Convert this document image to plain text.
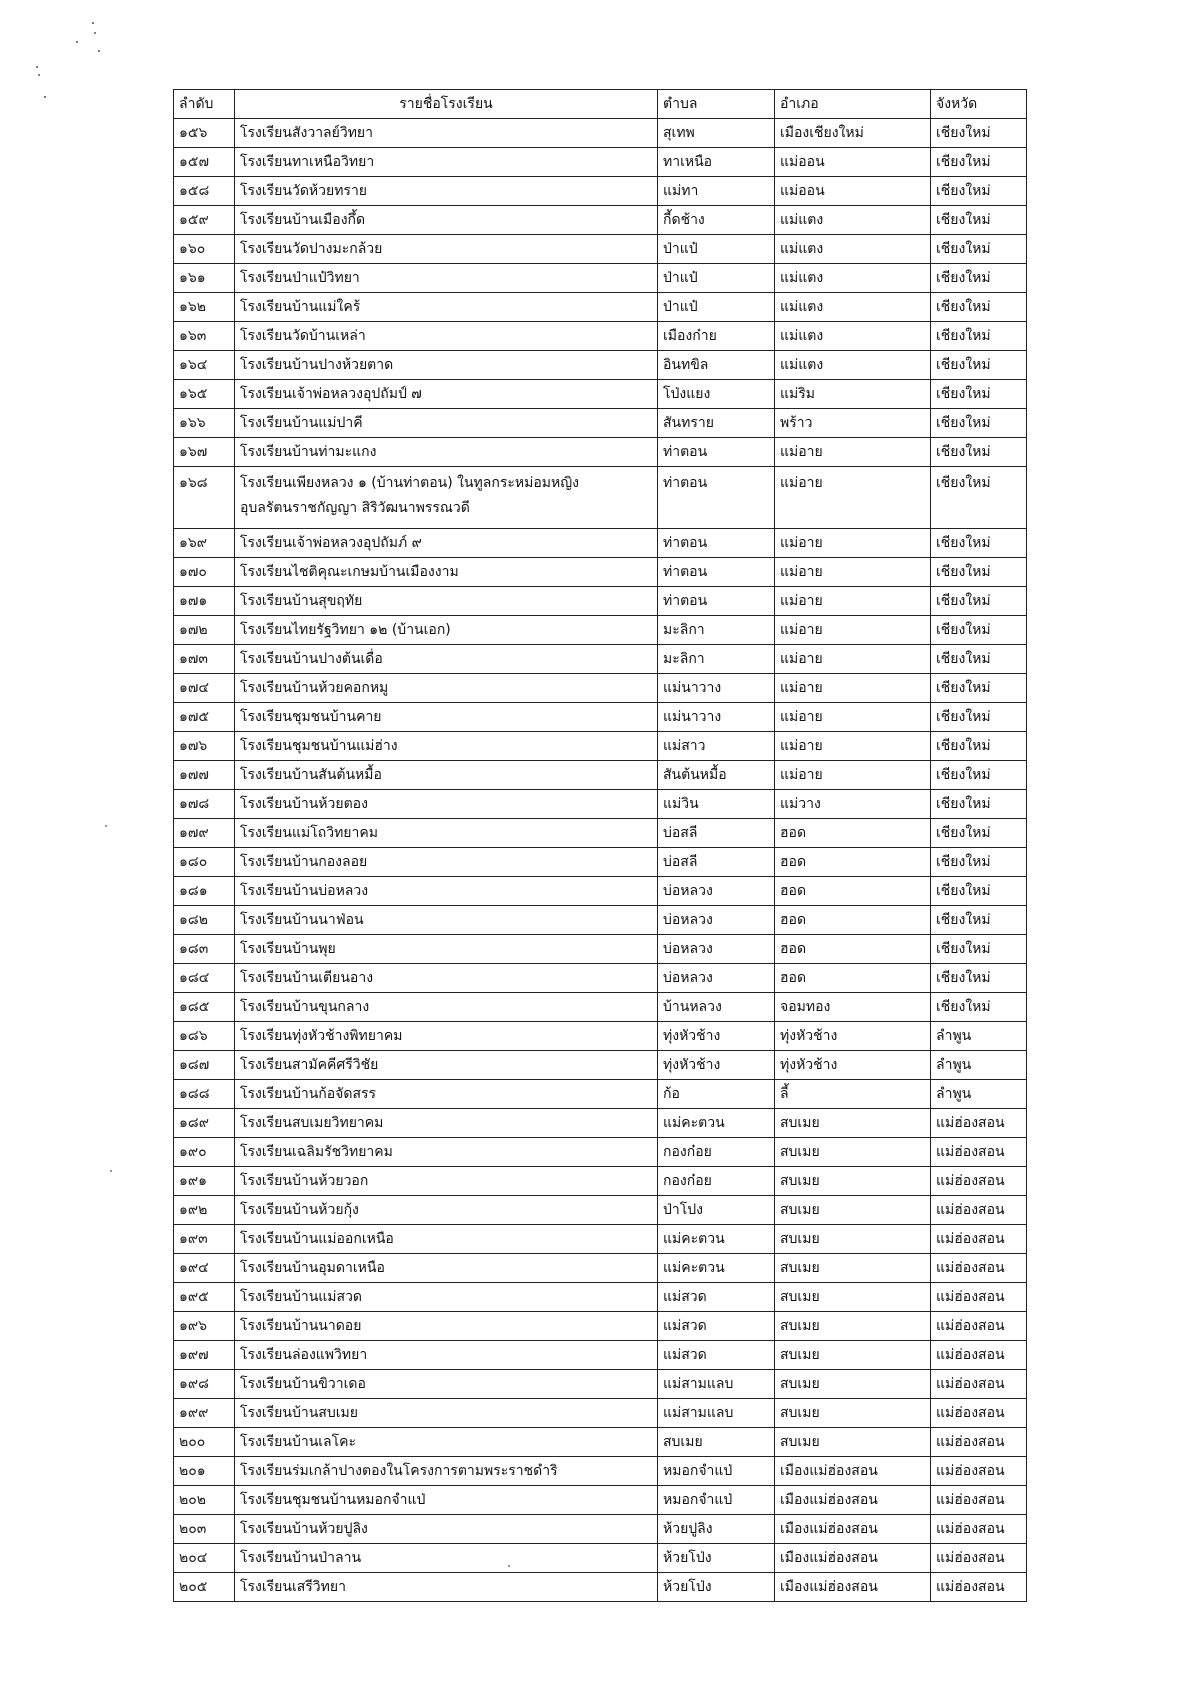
ลำดับ	รายชื่อโรงเรียน	ตำบล	อำเภอ	จังหวัด
๑๕๖	โรงเรียนสังวาลย์วิทยา	สุเทพ	เมืองเชียงใหม่	เชียงใหม่
๑๕๗	โรงเรียนทาเหนือวิทยา	ทาเหนือ	แม่ออน	เชียงใหม่
๑๕๘	โรงเรียนวัดห้วยทราย	แม่ทา	แม่ออน	เชียงใหม่
๑๕๙	โรงเรียนบ้านเมืองกึ้ด	กี้ดช้าง	แม่แตง	เชียงใหม่
๑๖๐	โรงเรียนวัดปางมะกล้วย	ป่าแป๋	แม่แตง	เชียงใหม่
๑๖๑	โรงเรียนป่าแป๋วิทยา	ป่าแป๋	แม่แตง	เชียงใหม่
๑๖๒	โรงเรียนบ้านแม่ใคร้	ป่าแป๋	แม่แตง	เชียงใหม่
๑๖๓	โรงเรียนวัดบ้านเหล่า	เมืองก๋าย	แม่แตง	เชียงใหม่
๑๖๔	โรงเรียนบ้านปางห้วยตาด	อินทขิล	แม่แตง	เชียงใหม่
๑๖๕	โรงเรียนเจ้าพ่อหลวงอุปถัมป์ ๗	โป่งแยง	แม่ริม	เชียงใหม่
๑๖๖	โรงเรียนบ้านแม่ปาคี	สันทราย	พร้าว	เชียงใหม่
๑๖๗	โรงเรียนบ้านท่ามะแกง	ท่าตอน	แม่อาย	เชียงใหม่
๑๖๘	โรงเรียนเพียงหลวง ๑ (บ้านท่าตอน) ในทูลกระหม่อมหญิง
อุบลรัตนราชกัญญา สิริวัฒนาพรรณวดี	ท่าตอน	แม่อาย	เชียงใหม่
๑๖๙	โรงเรียนเจ้าพ่อหลวงอุปถัมภ์ ๙	ท่าตอน	แม่อาย	เชียงใหม่
๑๗๐	โรงเรียนไชติคุณะเกษมบ้านเมืองงาม	ท่าตอน	แม่อาย	เชียงใหม่
๑๗๑	โรงเรียนบ้านสุขฤทัย	ท่าตอน	แม่อาย	เชียงใหม่
๑๗๒	โรงเรียนไทยรัฐวิทยา ๑๒ (บ้านเอก)	มะลิกา	แม่อาย	เชียงใหม่
๑๗๓	โรงเรียนบ้านปางต้นเดื่อ	มะลิกา	แม่อาย	เชียงใหม่
๑๗๔	โรงเรียนบ้านห้วยคอกหมู	แม่นาวาง	แม่อาย	เชียงใหม่
๑๗๕	โรงเรียนชุมชนบ้านคาย	แม่นาวาง	แม่อาย	เชียงใหม่
๑๗๖	โรงเรียนชุมชนบ้านแม่ฮ่าง	แม่สาว	แม่อาย	เชียงใหม่
๑๗๗	โรงเรียนบ้านสันต้นหมื้อ	สันต้นหมื้อ	แม่อาย	เชียงใหม่
๑๗๘	โรงเรียนบ้านห้วยตอง	แม่วิน	แม่วาง	เชียงใหม่
๑๗๙	โรงเรียนแม่โถวิทยาคม	บ่อสลี	ฮอด	เชียงใหม่
๑๘๐	โรงเรียนบ้านกองลอย	บ่อสลี	ฮอด	เชียงใหม่
๑๘๑	โรงเรียนบ้านบ่อหลวง	บ่อหลวง	ฮอด	เชียงใหม่
๑๘๒	โรงเรียนบ้านนาฟ่อน	บ่อหลวง	ฮอด	เชียงใหม่
๑๘๓	โรงเรียนบ้านพุย	บ่อหลวง	ฮอด	เชียงใหม่
๑๘๔	โรงเรียนบ้านเตียนอาง	บ่อหลวง	ฮอด	เชียงใหม่
๑๘๕	โรงเรียนบ้านขุนกลาง	บ้านหลวง	จอมทอง	เชียงใหม่
๑๘๖	โรงเรียนทุ่งหัวช้างพิทยาคม	ทุ่งหัวช้าง	ทุ่งหัวช้าง	ลำพูน
๑๘๗	โรงเรียนสามัคคีศรีวิชัย	ทุ่งหัวช้าง	ทุ่งหัวช้าง	ลำพูน
๑๘๘	โรงเรียนบ้านก้อจัดสรร	ก้อ	ลี้	ลำพูน
๑๘๙	โรงเรียนสบเมยวิทยาคม	แม่คะตวน	สบเมย	แม่ฮ่องสอน
๑๙๐	โรงเรียนเฉลิมรัชวิทยาคม	กองก๋อย	สบเมย	แม่ฮ่องสอน
๑๙๑	โรงเรียนบ้านห้วยวอก	กองก๋อย	สบเมย	แม่ฮ่องสอน
๑๙๒	โรงเรียนบ้านห้วยกุ้ง	ป่าโปง	สบเมย	แม่ฮ่องสอน
๑๙๓	โรงเรียนบ้านแม่ออกเหนือ	แม่คะตวน	สบเมย	แม่ฮ่องสอน
๑๙๔	โรงเรียนบ้านอุมดาเหนือ	แม่คะตวน	สบเมย	แม่ฮ่องสอน
๑๙๕	โรงเรียนบ้านแม่สวด	แม่สวด	สบเมย	แม่ฮ่องสอน
๑๙๖	โรงเรียนบ้านนาดอย	แม่สวด	สบเมย	แม่ฮ่องสอน
๑๙๗	โรงเรียนล่องแพวิทยา	แม่สวด	สบเมย	แม่ฮ่องสอน
๑๙๘	โรงเรียนบ้านขิวาเดอ	แม่สามแลบ	สบเมย	แม่ฮ่องสอน
๑๙๙	โรงเรียนบ้านสบเมย	แม่สามแลบ	สบเมย	แม่ฮ่องสอน
๒๐๐	โรงเรียนบ้านเลโคะ	สบเมย	สบเมย	แม่ฮ่องสอน
๒๐๑	โรงเรียนร่มเกล้าปางตองในโครงการตามพระราชดำริ	หมอกจำแป่	เมืองแม่ฮ่องสอน	แม่ฮ่องสอน
๒๐๒	โรงเรียนชุมชนบ้านหมอกจำแป่	หมอกจำแป่	เมืองแม่ฮ่องสอน	แม่ฮ่องสอน
๒๐๓	โรงเรียนบ้านห้วยปูลิง	ห้วยปูลิง	เมืองแม่ฮ่องสอน	แม่ฮ่องสอน
๒๐๔	โรงเรียนบ้านป่าลาน	ห้วยโป่ง	เมืองแม่ฮ่องสอน	แม่ฮ่องสอน
๒๐๕	โรงเรียนเสรีวิทยา	ห้วยโป่ง	เมืองแม่ฮ่องสอน	แม่ฮ่องสอน
